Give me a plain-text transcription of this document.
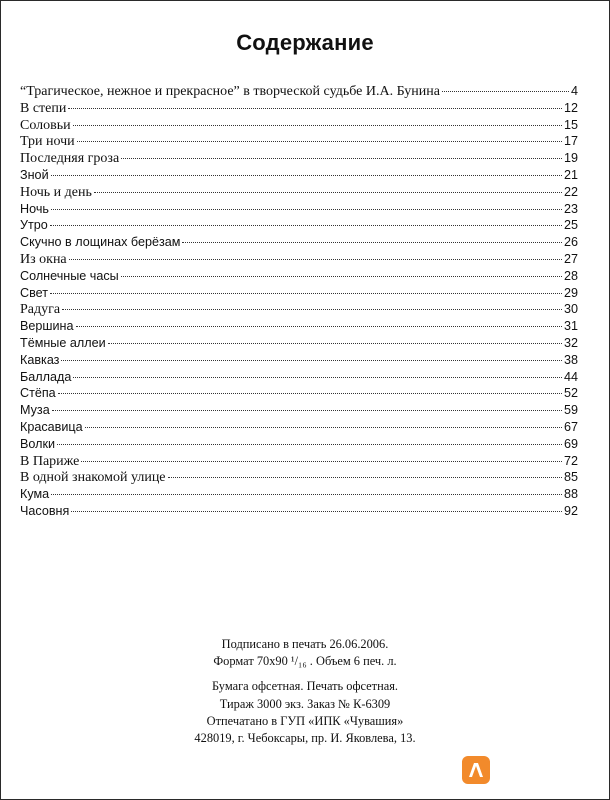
Содержание
“Трагическое, нежное и прекрасное” в творческой судьбе И.А. Бунина	4
В степи	12
Соловьи	15
Три ночи	17
Последняя гроза	19
Зной	21
Ночь и день	22
Ночь	23
Утро	25
Скучно в лощинах берёзам	26
Из окна	27
Солнечные часы	28
Свет	29
Радуга	30
Вершина	31
Тёмные аллеи	32
Кавказ	38
Баллада	44
Стёпа	52
Муза	59
Красавица	67
Волки	69
В Париже	72
В одной знакомой улице	85
Кума	88
Часовня	92
Подписано в печать 26.06.2006.
Формат 70x90 ¹/₁₆ . Объем 6 печ. л.
Бумага офсетная. Печать офсетная.
Тираж 3000 экз. Заказ № К-6309
Отпечатано в ГУП «ИПК «Чувашия»
428019, г. Чебоксары, пр. И. Яковлева, 13.
